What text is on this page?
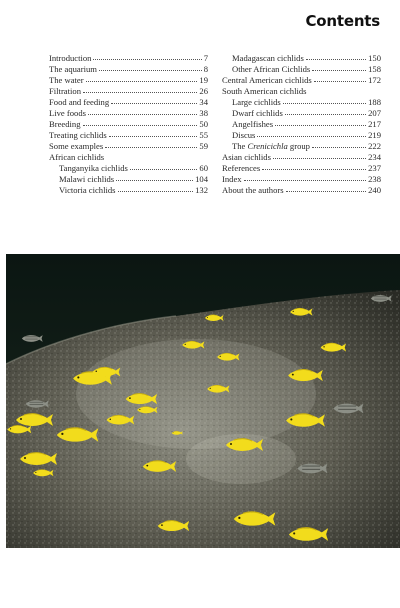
Contents
Introduction	7
The aquarium	8
The water	19
Filtration	26
Food and feeding	34
Live foods	38
Breeding	50
Treating cichlids	55
Some examples	59
African cichlids
Tanganyika cichlids	60
Malawi cichlids	104
Victoria cichlids	132
Madagascan cichlids	150
Other African Cichlids	158
Central American cichlids	172
South American cichlids
Large cichlids	188
Dwarf cichlids	207
Angelfishes	217
Discus	219
The Crenicichla group	222
Asian cichlids	234
References	237
Index	238
About the authors	240
